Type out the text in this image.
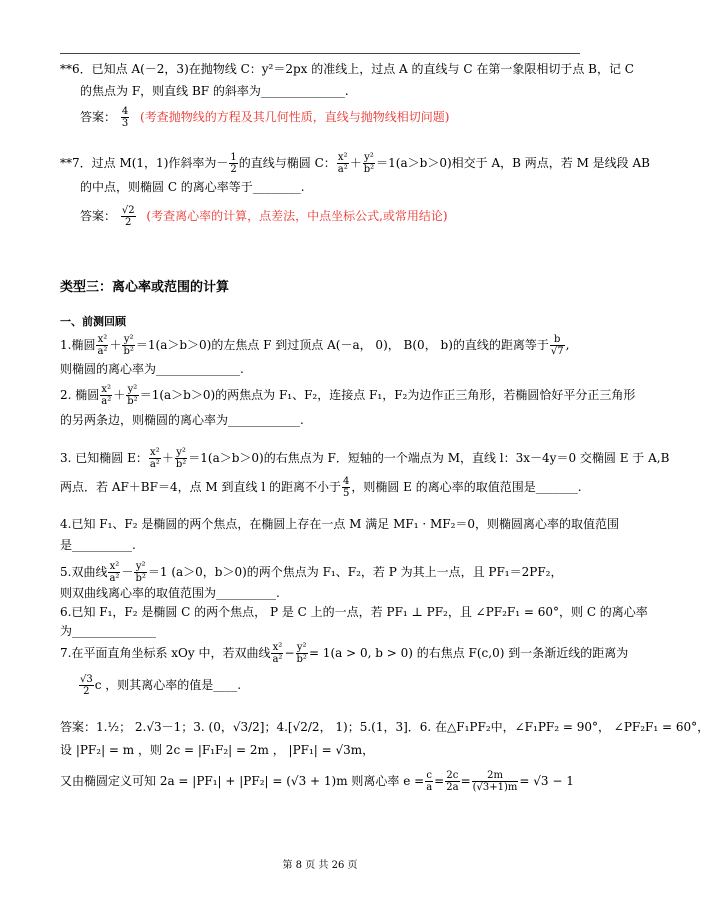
**6．已知点 A(－2，3)在抛物线 C：y²＝2px 的准线上，过点 A 的直线与 C 在第一象限相切于点 B，记 C
的焦点为 F，则直线 BF 的斜率为______________.
答案： $\frac{4}{3}$ (考查抛物线的方程及其几何性质，直线与抛物线相切问题)
**7．过点 M(1，1)作斜率为－ $\frac{1}{2}$ 的直线与椭圆 C： $\frac{\text{x²}}{\text{a²}} + \frac{\text{y²}}{\text{b²}} =1(a>b>0)$相交于 A，B 两点，若 M 是线段 AB
的中点，则椭圆 C 的离心率等于________.
答案： $\frac{√2}{2}$ (考查离心率的计算，点差法，中点坐标公式,或常用结论)
类型三：离心率或范围的计算
一、前测回顾
1.椭圆 $\frac{\text{x²}}{\text{a²}} + \frac{\text{y²}}{\text{b²}} =1(a>b>0)$的左焦点 F 到过顶点 A(－a， 0)， B(0， b)的直线的距离等于 $\frac{b}{√7}$ ,
则椭圆的离心率为______________.
2. 椭圆 $\frac{\text{x²}}{\text{a²}} + \frac{\text{y²}}{\text{b²}} =1(a>b>0)$的两焦点为 F₁、F₂，连接点 F₁，F₂为边作正三角形，若椭圆恰好平分正三角形
的另两条边，则椭圆的离心率为____________.
3. 已知椭圆 E： $\frac{\text{x²}}{\text{a²}} + \frac{\text{y²}}{\text{b²}} =1(a>b>0)$的右焦点为 F．短轴的一个端点为 M，直线 l：3x－4y＝0 交椭圆 E 于 A,B
两点．若 AF＋BF＝4，点 M 到直线 l 的距离不小于 $\frac{4}{5}$ ，则椭圆 E 的离心率的取值范围是_______.
4.已知 F₁、F₂ 是椭圆的两个焦点，在椭圆上存在一点 M 满足 MF₁ · MF₂＝0，则椭圆离心率的取值范围
是__________.
5.双曲线 $\frac{\text{x²}}{\text{a²}} - \frac{\text{y²}}{\text{b²}} =1$ (a＞0，b＞0)的两个焦点为 F₁、F₂，若 P 为其上一点，且 PF₁＝2PF₂，
则双曲线离心率的取值范围为__________.
6.已知 F₁，F₂ 是椭圆 C 的两个焦点， P 是 C 上的一点，若 PF₁ ⊥ PF₂，且 ∠PF₂F₁ = 60°，则 C 的离心率
为______________
7.在平面直角坐标系 xOy 中，若双曲线 $\frac{\text{x²}}{\text{a²}} - \frac{\text{y²}}{\text{b²}} = 1(a > 0$, b > 0) 的右焦点 F(c,0) 到一条渐近线的距离为
$\frac{√3}{2}$ c ，则其离心率的值是____.
答案：1.½； 2.√3－1；3. (0，√3/2]；4.[√2/2， 1)；5.(1，3]．6. 在△F₁PF₂中，∠F₁PF₂ = 90°， ∠PF₂F₁ = 60°，
设 |PF₂| = m ，则 2c = |F₁F₂| = 2m ， |PF₁| = √3m，
又由椭圆定义可知 2a = |PF₁| + |PF₂| = (√3 + 1)m 则离心率 $e = \frac{c}{a} = \frac{2c}{2a} = \frac{2m}{(√3+1)m} = √3 - 1$
第 8 页 共 26 页
